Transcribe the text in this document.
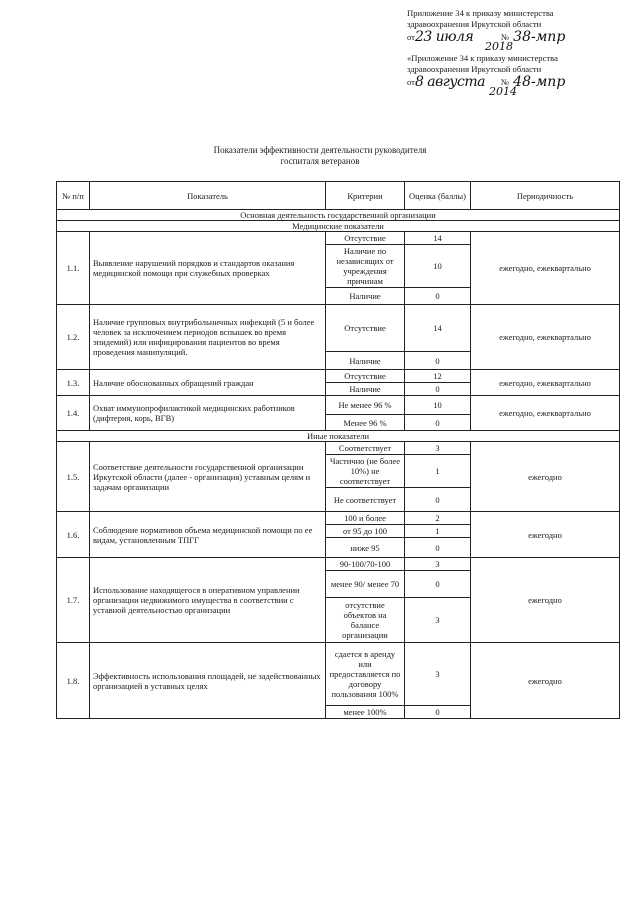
Приложение 34 к приказу министерства
здравоохранения Иркутской области
от 23 июля	№ 38-мпр
2018
«Приложение 34 к приказу министерства
здравоохранения Иркутской области
от 8 августа	№ 48-мпр
2014
Показатели эффективности деятельности руководителя
госпиталя ветеранов
№ п/п	Показатель	Критерии	Оценка (баллы)	Периодичность
Основная деятельность государственной организации				
Медицинские показатели				
1.1.	Выявление нарушений порядков и стандартов оказания медицинской помощи при служебных проверках	Отсутствие	14	ежегодно, ежеквартально
		Наличие по независящих от учреждения причинам	10	
		Наличие	0	
1.2.	Наличие групповых внутрибольничных инфекций (5 и более человек за исключением периодов вспышек во время эпидемий) или инфицирования пациентов во время проведения манипуляций.	Отсутствие	14	ежегодно, ежеквартально
		Наличие	0	
1.3.	Наличие обоснованных обращений граждан	Отсутствие	12	ежегодно, ежеквартально
		Наличие	0	
1.4.	Охват иммунопрофилактикой медицинских работников (дифтерия, корь, ВГВ)	Не менее 96 %	10	ежегодно, ежеквартально
		Менее 96 %	0	
Иные показатели				
1.5.	Соответствие деятельности государственной организации Иркутской области (далее - организация) уставным целям и задачам организации	Соответствует	3	ежегодно
		Частично (не более 10%) не соответствует	1	
		Не соответствует	0	
1.6.	Соблюдение нормативов объема медицинской помощи по ее видам, установленным ТПГГ	100 и более	2	ежегодно
		от 95 до 100	1	
		ниже 95	0	
1.7.	Использование находящегося в оперативном управлении организации недвижимого имущества в соответствии с уставной деятельностью организации	90-100/70-100	3	ежегодно
		менее 90/ менее 70	0	
		отсутствие объектов на балансе организации	3	
1.8.	Эффективность использования площадей, не задействованных организацией в уставных целях	сдается в аренду или предоставляется по договору пользования 100%	3	ежегодно
		менее 100%	0	
